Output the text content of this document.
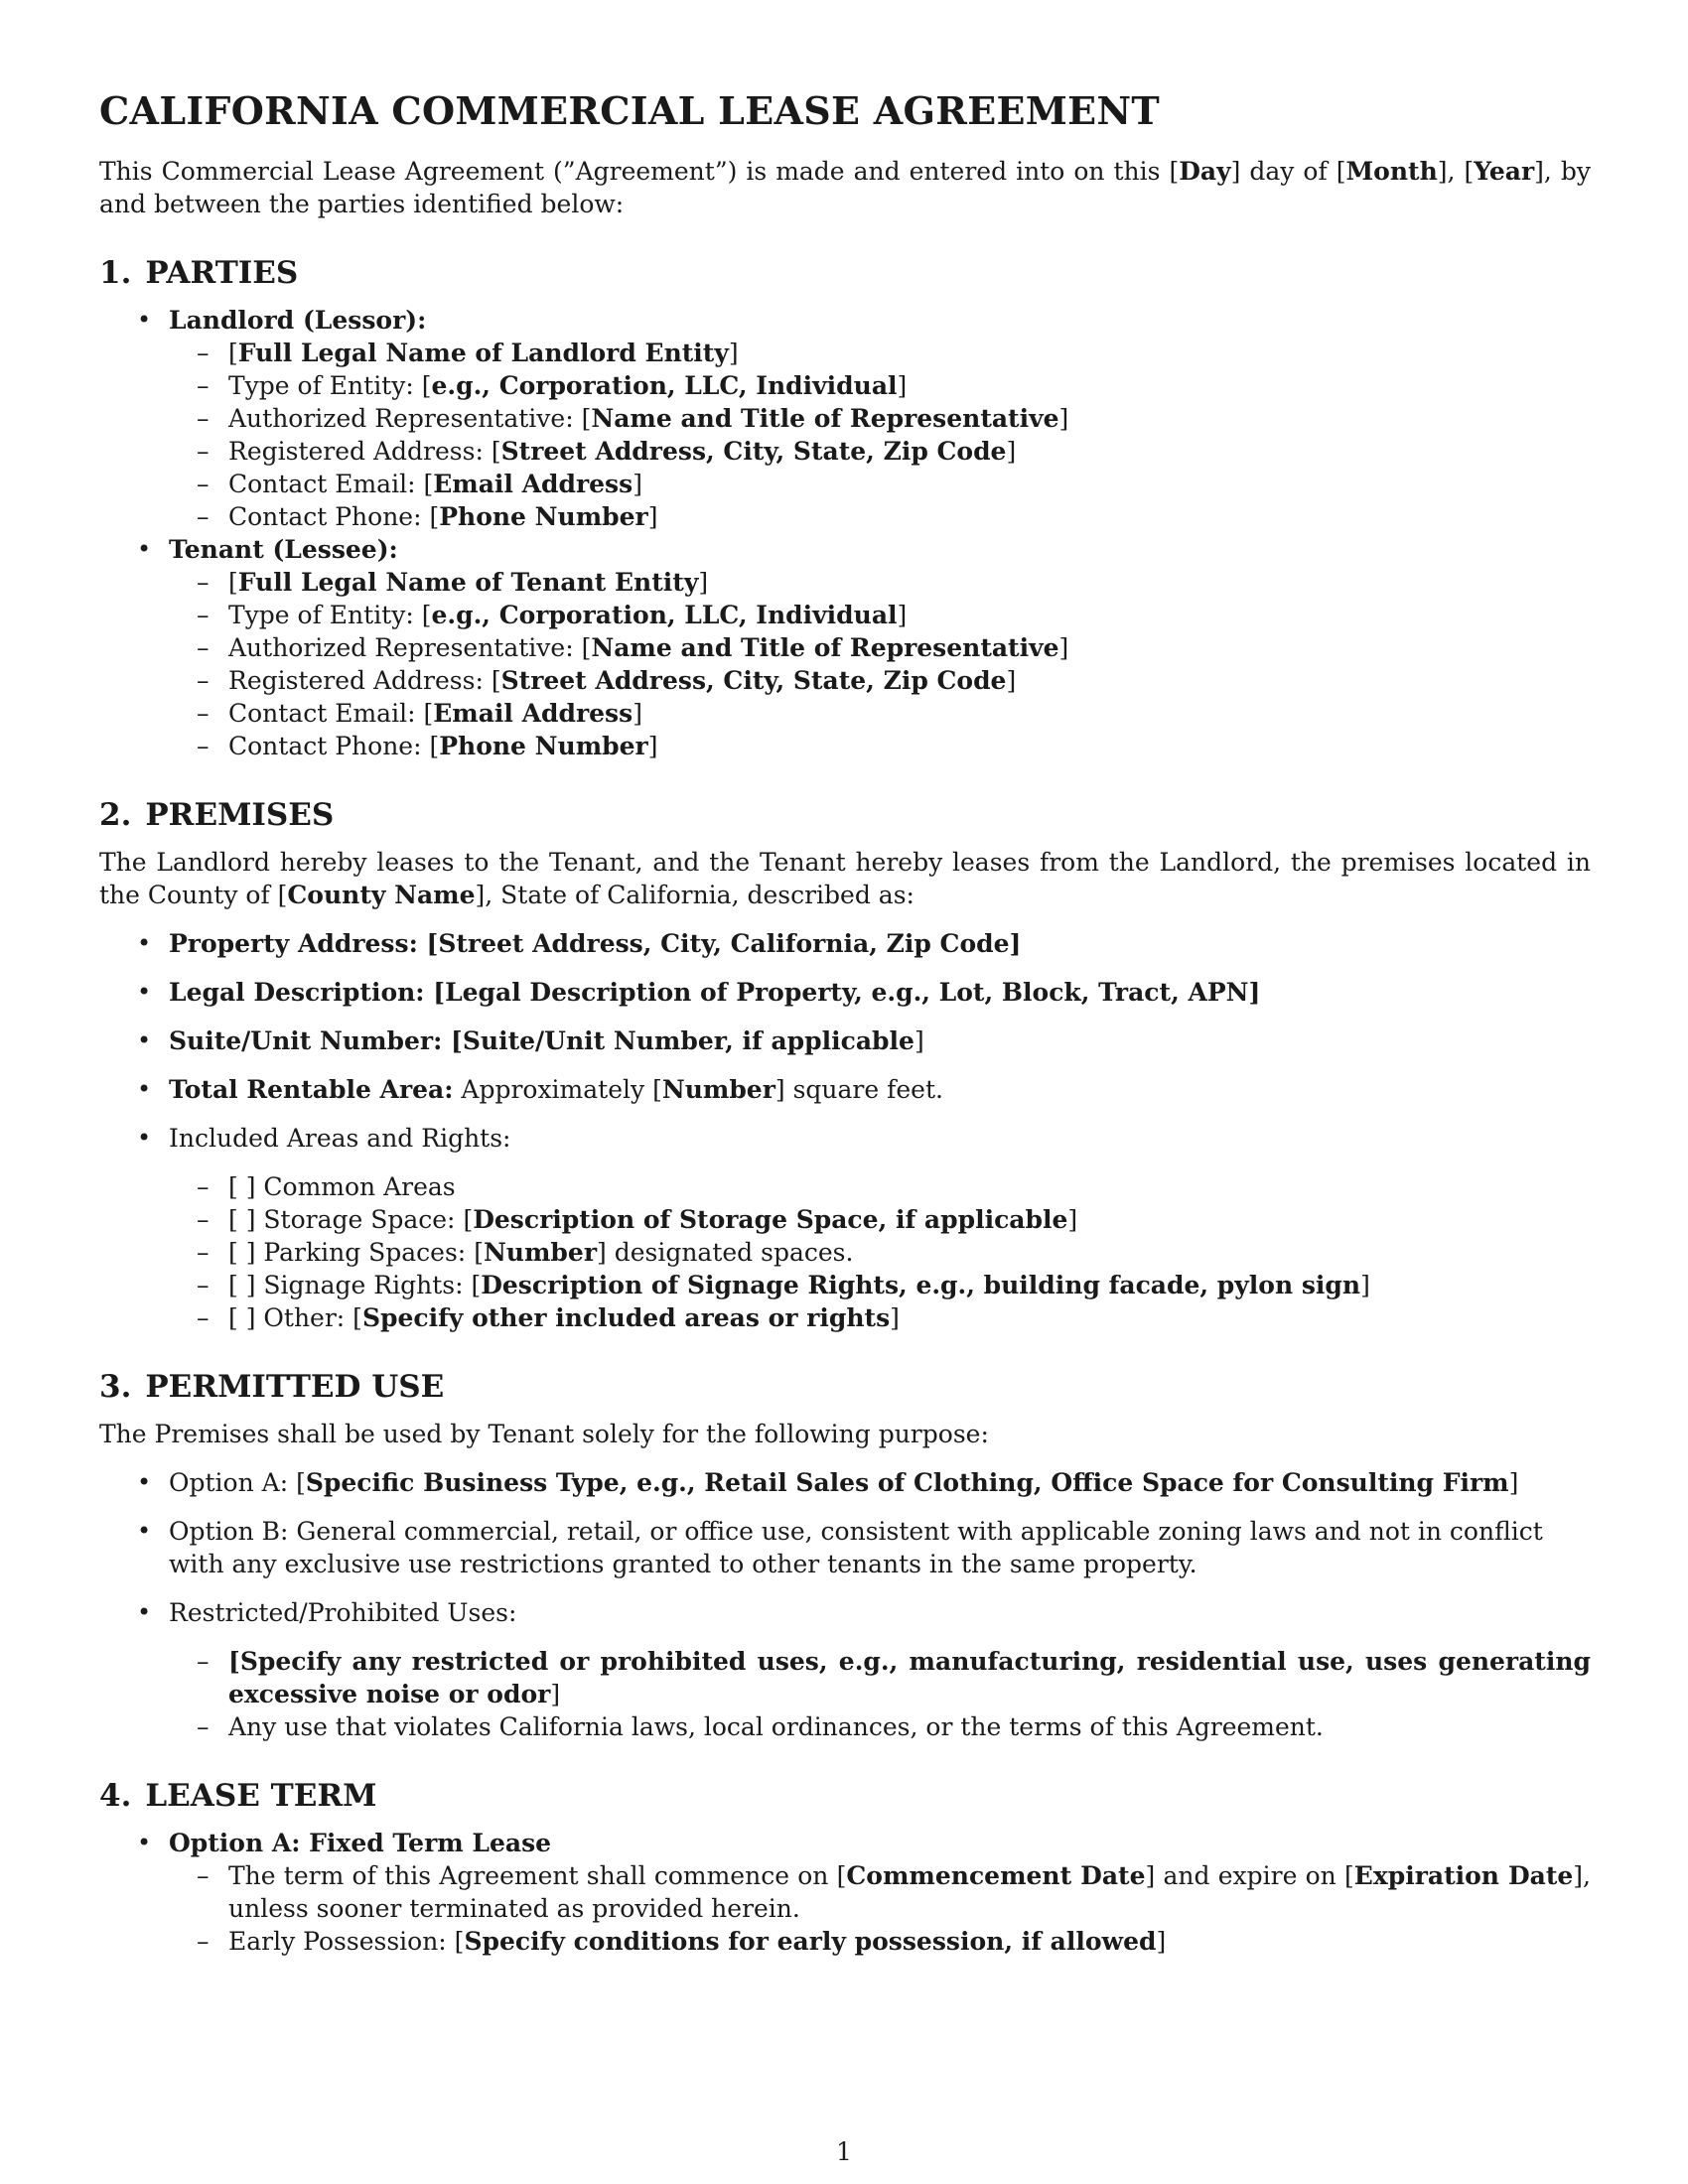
CALIFORNIA COMMERCIAL LEASE AGREEMENT

This Commercial Lease Agreement (”Agreement”) is made and entered into on this [Day] day of [Month], [Year], by and between the parties identified below:

1. PARTIES
• Landlord (Lessor):
– [Full Legal Name of Landlord Entity]
– Type of Entity: [e.g., Corporation, LLC, Individual]
– Authorized Representative: [Name and Title of Representative]
– Registered Address: [Street Address, City, State, Zip Code]
– Contact Email: [Email Address]
– Contact Phone: [Phone Number]
• Tenant (Lessee):
– [Full Legal Name of Tenant Entity]
– Type of Entity: [e.g., Corporation, LLC, Individual]
– Authorized Representative: [Name and Title of Representative]
– Registered Address: [Street Address, City, State, Zip Code]
– Contact Email: [Email Address]
– Contact Phone: [Phone Number]
2. PREMISES

The Landlord hereby leases to the Tenant, and the Tenant hereby leases from the Landlord, the premises located in the County of [County Name], State of California, described as:

• Property Address: [Street Address, City, California, Zip Code]
• Legal Description: [Legal Description of Property, e.g., Lot, Block, Tract, APN]
• Suite/Unit Number: [Suite/Unit Number, if applicable]
• Total Rentable Area: Approximately [Number] square feet.
• Included Areas and Rights:
– [ ] Common Areas
– [ ] Storage Space: [Description of Storage Space, if applicable]
– [ ] Parking Spaces: [Number] designated spaces.
– [ ] Signage Rights: [Description of Signage Rights, e.g., building facade, pylon sign]
– [ ] Other: [Specify other included areas or rights]
3. PERMITTED USE

The Premises shall be used by Tenant solely for the following purpose:

• Option A: [Specific Business Type, e.g., Retail Sales of Clothing, Office Space for Consulting Firm]
• Option B: General commercial, retail, or office use, consistent with applicable zoning laws and not in conflict with any exclusive use restrictions granted to other tenants in the same property.
• Restricted/Prohibited Uses:
– [Specify any restricted or prohibited uses, e.g., manufacturing, residential use, uses generating excessive noise or odor]
– Any use that violates California laws, local ordinances, or the terms of this Agreement.
4. LEASE TERM
• Option A: Fixed Term Lease
– The term of this Agreement shall commence on [Commencement Date] and expire on [Expiration Date], unless sooner terminated as provided herein.
– Early Possession: [Specify conditions for early possession, if allowed]
1
